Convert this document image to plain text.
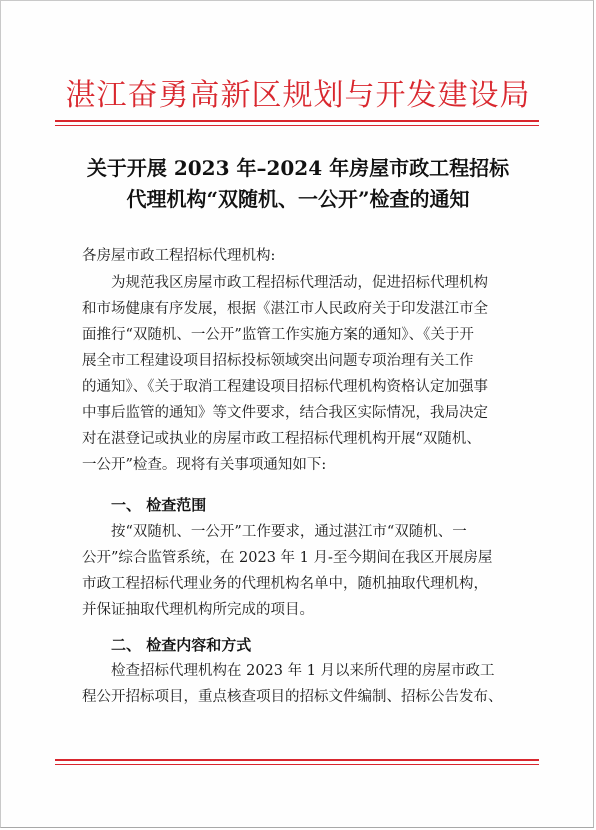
湛江奋勇高新区规划与开发建设局
关于开展 2023 年–2024 年房屋市政工程招标
代理机构“双随机、一公开”检查的通知
各房屋市政工程招标代理机构:
为规范我区房屋市政工程招标代理活动，促进招标代理机构
和市场健康有序发展，根据《湛江市人民政府关于印发湛江市全
面推行“双随机、一公开”监管工作实施方案的通知》、《关于开
展全市工程建设项目招标投标领域突出问题专项治理有关工作
的通知》、《关于取消工程建设项目招标代理机构资格认定加强事
中事后监管的通知》等文件要求，结合我区实际情况，我局决定
对在湛登记或执业的房屋市政工程招标代理机构开展“双随机、
一公开”检查。现将有关事项通知如下:
一、 检查范围
按“双随机、一公开”工作要求，通过湛江市“双随机、一
公开”综合监管系统，在 2023 年 1 月-至今期间在我区开展房屋
市政工程招标代理业务的代理机构名单中，随机抽取代理机构，
并保证抽取代理机构所完成的项目。
二、 检查内容和方式
检查招标代理机构在 2023 年 1 月以来所代理的房屋市政工
程公开招标项目，重点核查项目的招标文件编制、招标公告发布、
